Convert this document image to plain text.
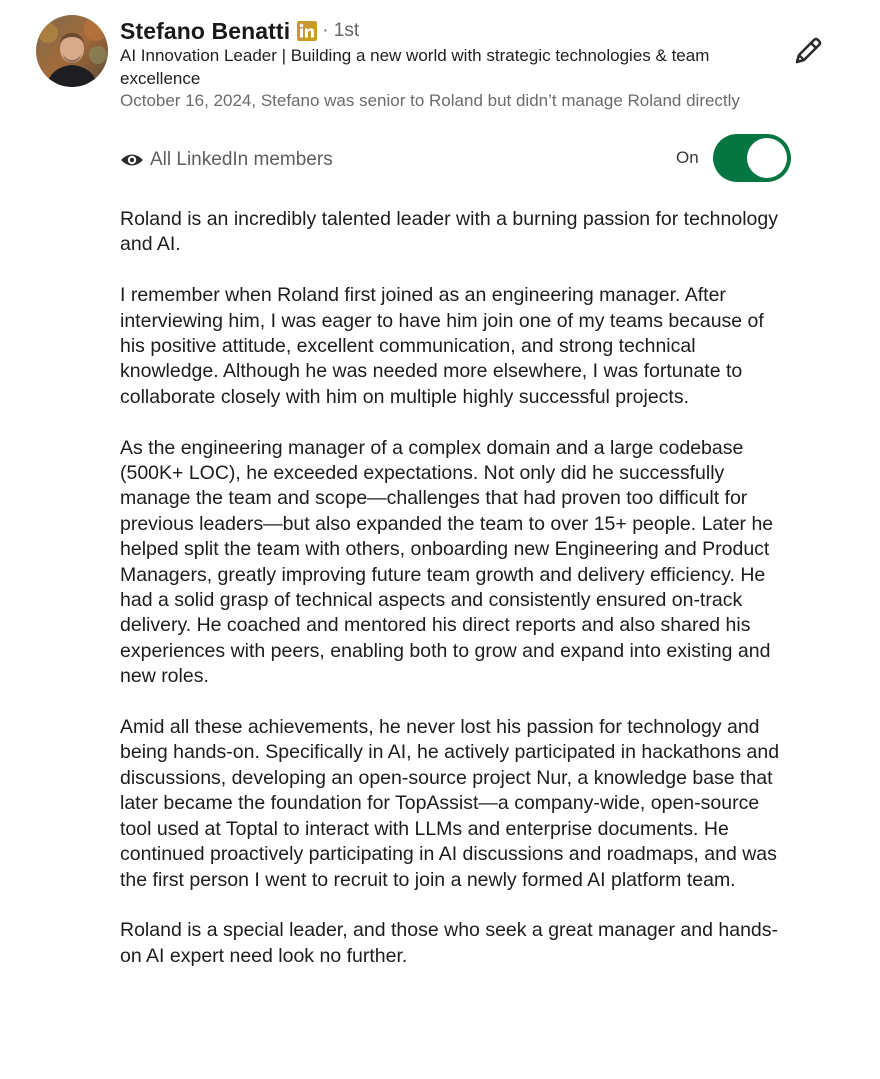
Stefano Benatti · 1st
AI Innovation Leader | Building a new world with strategic technologies & team excellence
October 16, 2024, Stefano was senior to Roland but didn’t manage Roland directly
All LinkedIn members	On

Roland is an incredibly talented leader with a burning passion for technology and AI.

I remember when Roland first joined as an engineering manager. After interviewing him, I was eager to have him join one of my teams because of his positive attitude, excellent communication, and strong technical knowledge. Although he was needed more elsewhere, I was fortunate to collaborate closely with him on multiple highly successful projects.

As the engineering manager of a complex domain and a large codebase (500K+ LOC), he exceeded expectations. Not only did he successfully manage the team and scope—challenges that had proven too difficult for previous leaders—but also expanded the team to over 15+ people. Later he helped split the team with others, onboarding new Engineering and Product Managers, greatly improving future team growth and delivery efficiency. He had a solid grasp of technical aspects and consistently ensured on-track delivery. He coached and mentored his direct reports and also shared his experiences with peers, enabling both to grow and expand into existing and new roles.

Amid all these achievements, he never lost his passion for technology and being hands-on. Specifically in AI, he actively participated in hackathons and discussions, developing an open-source project Nur, a knowledge base that later became the foundation for TopAssist—a company-wide, open-source tool used at Toptal to interact with LLMs and enterprise documents. He continued proactively participating in AI discussions and roadmaps, and was the first person I went to recruit to join a newly formed AI platform team.

Roland is a special leader, and those who seek a great manager and hands-on AI expert need look no further.
